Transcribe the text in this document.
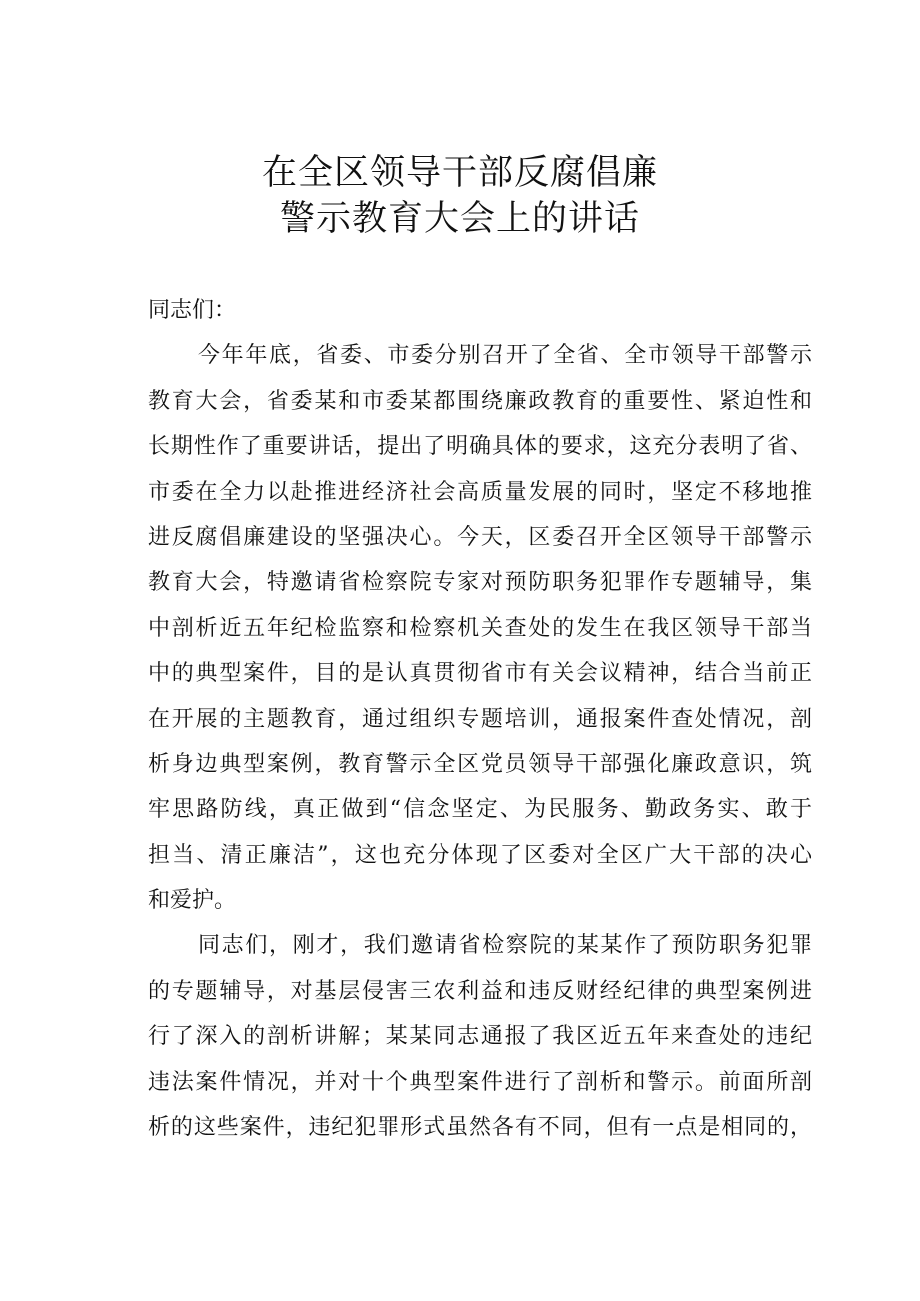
在全区领导干部反腐倡廉
警示教育大会上的讲话
同志们：
今年年底，省委、市委分别召开了全省、全市领导干部警示
教育大会，省委某和市委某都围绕廉政教育的重要性、紧迫性和
长期性作了重要讲话，提出了明确具体的要求，这充分表明了省、
市委在全力以赴推进经济社会高质量发展的同时，坚定不移地推
进反腐倡廉建设的坚强决心。今天，区委召开全区领导干部警示
教育大会，特邀请省检察院专家对预防职务犯罪作专题辅导，集
中剖析近五年纪检监察和检察机关查处的发生在我区领导干部当
中的典型案件，目的是认真贯彻省市有关会议精神，结合当前正
在开展的主题教育，通过组织专题培训，通报案件查处情况，剖
析身边典型案例，教育警示全区党员领导干部强化廉政意识，筑
牢思路防线，真正做到“信念坚定、为民服务、勤政务实、敢于
担当、清正廉洁”，这也充分体现了区委对全区广大干部的决心
和爱护。
同志们，刚才，我们邀请省检察院的某某作了预防职务犯罪
的专题辅导，对基层侵害三农利益和违反财经纪律的典型案例进
行了深入的剖析讲解；某某同志通报了我区近五年来查处的违纪
违法案件情况，并对十个典型案件进行了剖析和警示。前面所剖
析的这些案件，违纪犯罪形式虽然各有不同，但有一点是相同的，
